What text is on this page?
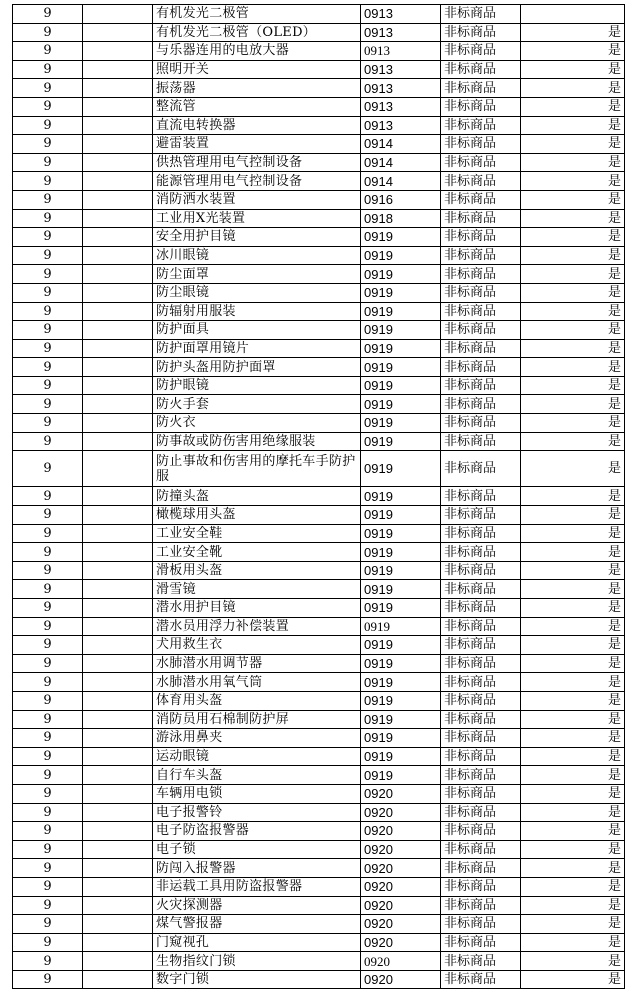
9		有机发光二极管	0913	非标商品	
9		有机发光二极管（OLED）	0913	非标商品	是
9		与乐器连用的电放大器	0913	非标商品	是
9		照明开关	0913	非标商品	是
9		振荡器	0913	非标商品	是
9		整流管	0913	非标商品	是
9		直流电转换器	0913	非标商品	是
9		避雷装置	0914	非标商品	是
9		供热管理用电气控制设备	0914	非标商品	是
9		能源管理用电气控制设备	0914	非标商品	是
9		消防洒水装置	0916	非标商品	是
9		工业用X光装置	0918	非标商品	是
9		安全用护目镜	0919	非标商品	是
9		冰川眼镜	0919	非标商品	是
9		防尘面罩	0919	非标商品	是
9		防尘眼镜	0919	非标商品	是
9		防辐射用服装	0919	非标商品	是
9		防护面具	0919	非标商品	是
9		防护面罩用镜片	0919	非标商品	是
9		防护头盔用防护面罩	0919	非标商品	是
9		防护眼镜	0919	非标商品	是
9		防火手套	0919	非标商品	是
9		防火衣	0919	非标商品	是
9		防事故或防伤害用绝缘服装	0919	非标商品	是
9		防止事故和伤害用的摩托车手防护服	0919	非标商品	是
9		防撞头盔	0919	非标商品	是
9		橄榄球用头盔	0919	非标商品	是
9		工业安全鞋	0919	非标商品	是
9		工业安全靴	0919	非标商品	是
9		滑板用头盔	0919	非标商品	是
9		滑雪镜	0919	非标商品	是
9		潜水用护目镜	0919	非标商品	是
9		潜水员用浮力补偿装置	0919	非标商品	是
9		犬用救生衣	0919	非标商品	是
9		水肺潜水用调节器	0919	非标商品	是
9		水肺潜水用氧气筒	0919	非标商品	是
9		体育用头盔	0919	非标商品	是
9		消防员用石棉制防护屏	0919	非标商品	是
9		游泳用鼻夹	0919	非标商品	是
9		运动眼镜	0919	非标商品	是
9		自行车头盔	0919	非标商品	是
9		车辆用电锁	0920	非标商品	是
9		电子报警铃	0920	非标商品	是
9		电子防盗报警器	0920	非标商品	是
9		电子锁	0920	非标商品	是
9		防闯入报警器	0920	非标商品	是
9		非运载工具用防盗报警器	0920	非标商品	是
9		火灾探测器	0920	非标商品	是
9		煤气警报器	0920	非标商品	是
9		门窥视孔	0920	非标商品	是
9		生物指纹门锁	0920	非标商品	是
9		数字门锁	0920	非标商品	是
